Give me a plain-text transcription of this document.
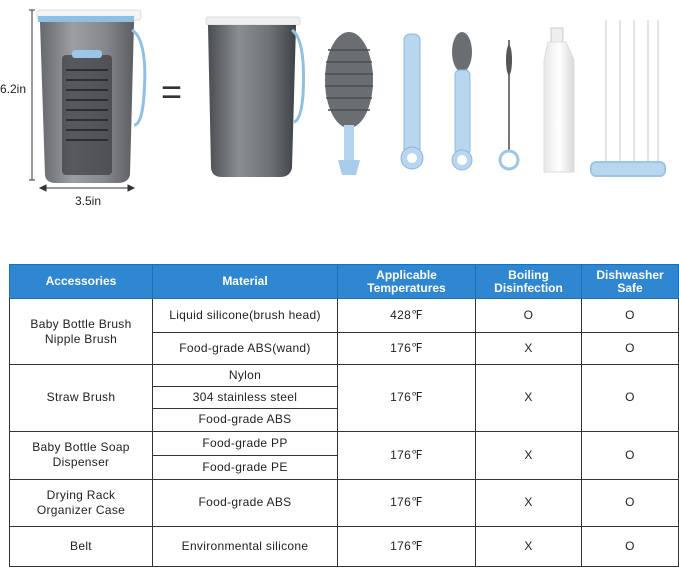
6.2in
3.5in
=
Accessories	Material	Applicable Temperatures	Boiling Disinfection	Dishwasher Safe
Baby Bottle Brush Nipple Brush	Liquid silicone(brush head)	428℉	O	O
	Food-grade ABS(wand)	176℉	X	O
Straw Brush	Nylon	176℉	X	O
	304 stainless steel			
	Food-grade ABS			
Baby Bottle Soap Dispenser	Food-grade PP	176℉	X	O
	Food-grade PE			
Drying Rack Organizer Case	Food-grade ABS	176℉	X	O
Belt	Environmental silicone	176℉	X	O
